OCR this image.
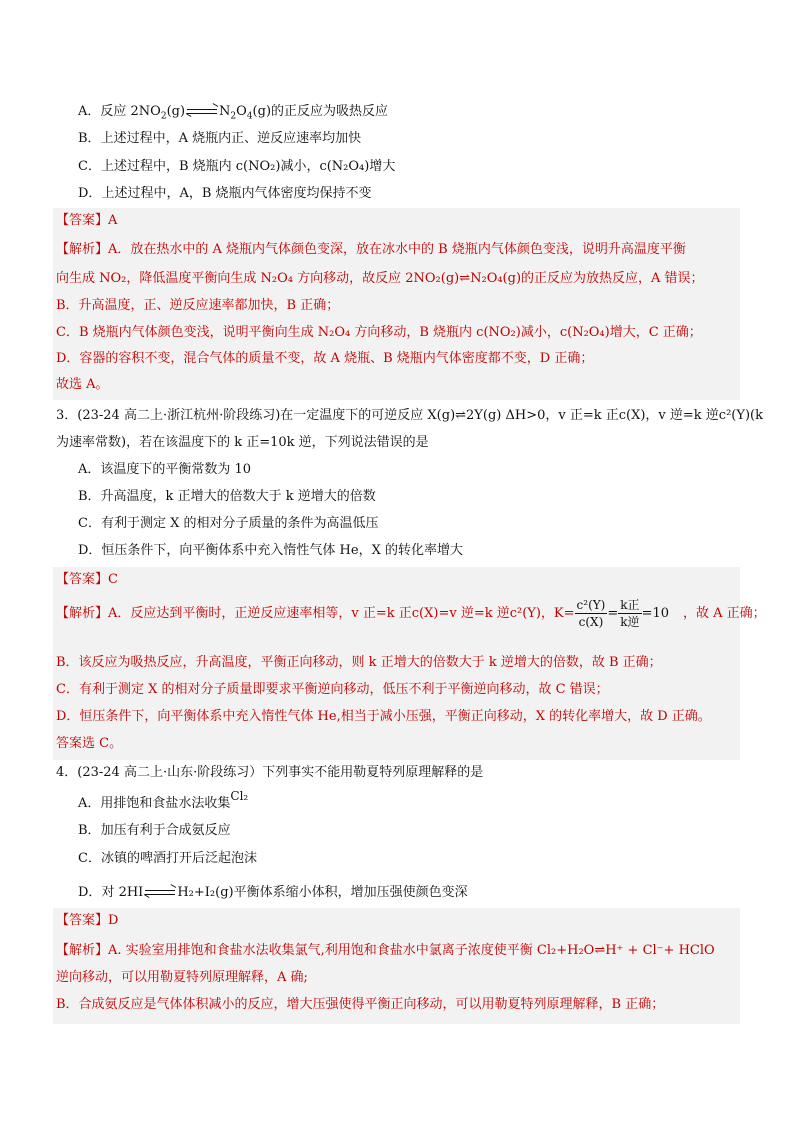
A．反应 $2NO_2(g)$	$N_2O_4(g)$的正反应为吸热反应
B．上述过程中，A 烧瓶内正、逆反应速率均加快
C．上述过程中，B 烧瓶内 c(NO₂)减小，c(N₂O₄)增大
D．上述过程中，A，B 烧瓶内气体密度均保持不变
【答案】A
【解析】A．放在热水中的 A 烧瓶内气体颜色变深，放在冰水中的 B 烧瓶内气体颜色变浅，说明升高温度平衡
向生成 NO₂，降低温度平衡向生成 N₂O₄ 方向移动，故反应 2NO₂(g)⇌N₂O₄(g)的正反应为放热反应，A 错误；
B．升高温度，正、逆反应速率都加快，B 正确；
C．B 烧瓶内气体颜色变浅，说明平衡向生成 N₂O₄ 方向移动，B 烧瓶内 c(NO₂)减小，c(N₂O₄)增大，C 正确；
D．容器的容积不变，混合气体的质量不变，故 A 烧瓶、B 烧瓶内气体密度都不变，D 正确；
故选 A。
3．(23-24 高二上·浙江杭州·阶段练习)在一定温度下的可逆反应 X(g)⇌2Y(g) ΔH>0，v 正=k 正c(X)，v 逆=k 逆c²(Y)(k
为速率常数)，若在该温度下的 k 正=10k 逆，下列说法错误的是
A．该温度下的平衡常数为 10
B．升高温度，k 正增大的倍数大于 k 逆增大的倍数
C．有利于测定 X 的相对分子质量的条件为高温低压
D．恒压条件下，向平衡体系中充入惰性气体 He，X 的转化率增大
【答案】C
【解析】A．反应达到平衡时，正逆反应速率相等，v 正=k 正c(X)=v 逆=k 逆c²(Y)，$K= \frac{\text{c²(Y)}}{c(X)} = \frac{\text{k正}}{\text{k逆}} =10$ ，故 A 正确；
B．该反应为吸热反应，升高温度，平衡正向移动，则 k 正增大的倍数大于 k 逆增大的倍数，故 B 正确；
C．有利于测定 X 的相对分子质量即要求平衡逆向移动，低压不利于平衡逆向移动，故 C 错误；
D．恒压条件下，向平衡体系中充入惰性气体 He,相当于减小压强，平衡正向移动，X 的转化率增大，故 D 正确。
答案选 C。
4．(23-24 高二上·山东·阶段练习）下列事实不能用勒夏特列原理解释的是
A．用排饱和食盐水法收集Cl₂
B．加压有利于合成氨反应
C．冰镇的啤酒打开后泛起泡沫
D．对 2HI	H₂+I₂(g)平衡体系缩小体积，增加压强使颜色变深
【答案】D
【解析】A. 实验室用排饱和食盐水法收集氯气,利用饱和食盐水中氯离子浓度使平衡 Cl₂+H₂O⇌H⁺ + Cl⁻+ HClO
逆向移动，可以用勒夏特列原理解释，A 确;
B．合成氨反应是气体体积减小的反应，增大压强使得平衡正向移动，可以用勒夏特列原理解释，B 正确；
